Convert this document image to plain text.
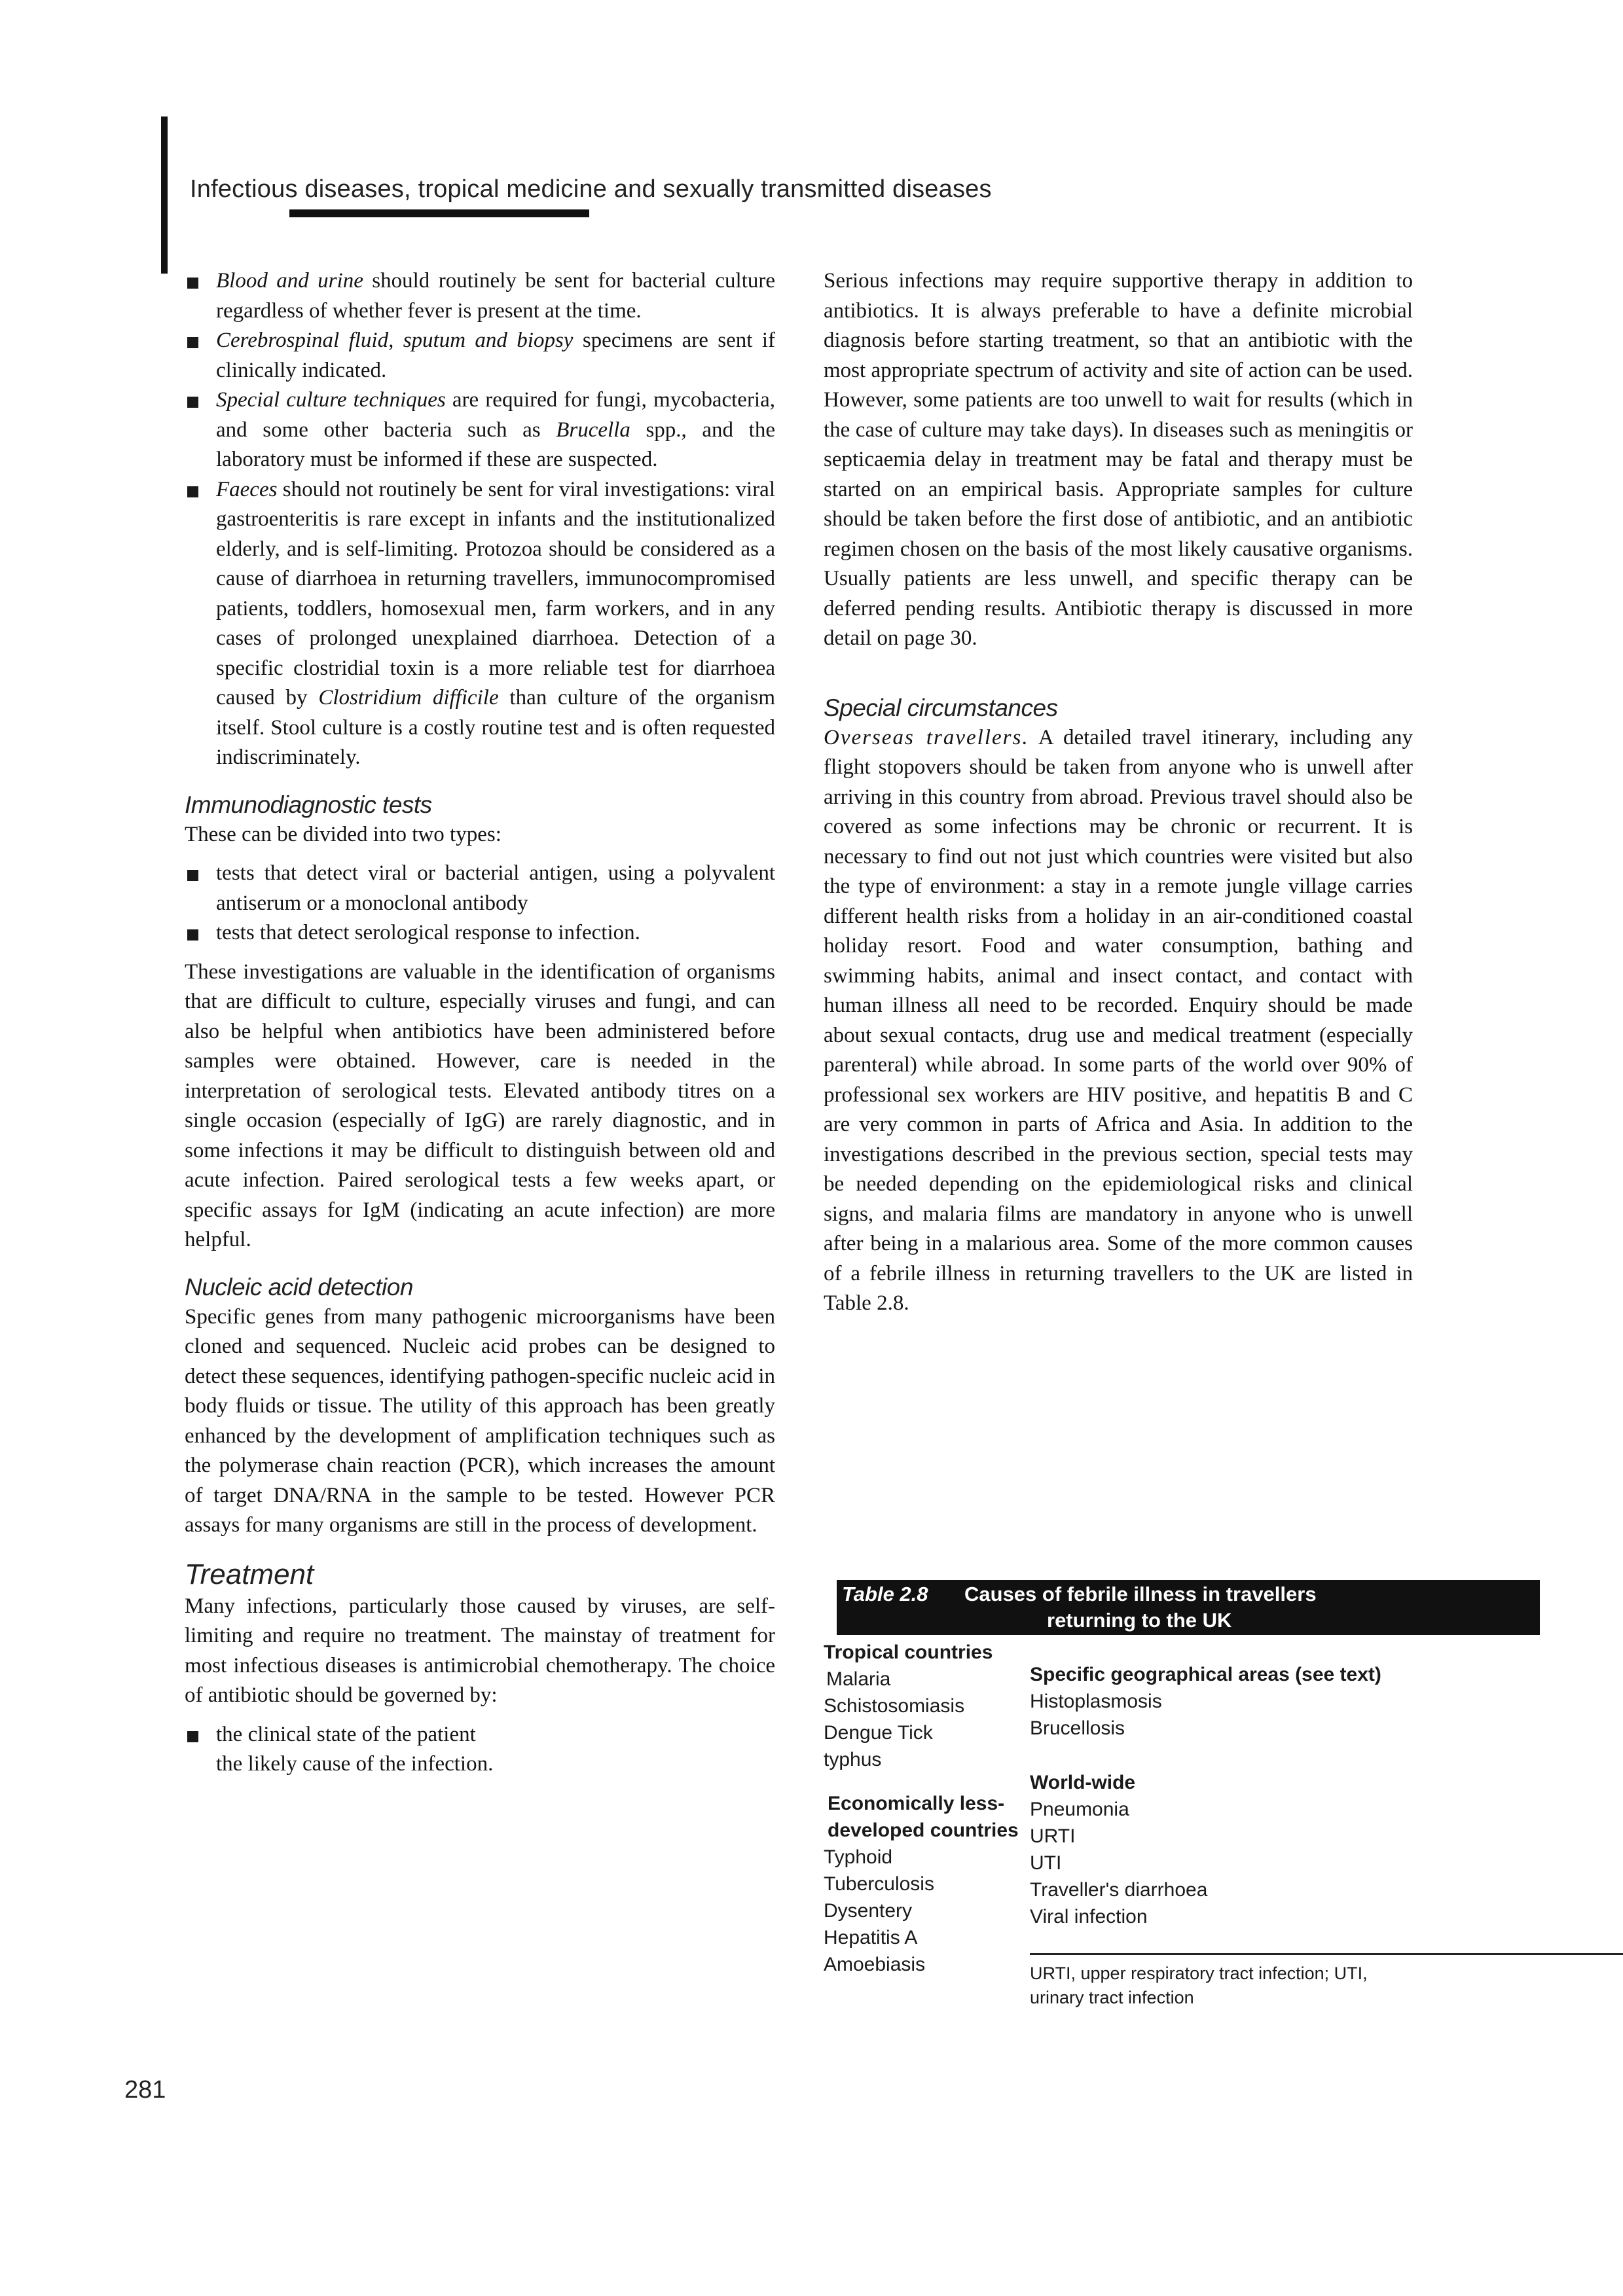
Infectious diseases, tropical medicine and sexually transmitted diseases
Blood and urine should routinely be sent for bacterial culture regardless of whether fever is present at the time.
Cerebrospinal fluid, sputum and biopsy specimens are sent if clinically indicated.
Special culture techniques are required for fungi, mycobacteria, and some other bacteria such as Brucella spp., and the laboratory must be informed if these are suspected.
Faeces should not routinely be sent for viral investigations: viral gastroenteritis is rare except in infants and the institutionalized elderly, and is self-limiting. Protozoa should be considered as a cause of diarrhoea in returning travellers, immunocompromised patients, toddlers, homosexual men, farm workers, and in any cases of prolonged unexplained diarrhoea. Detection of a specific clostridial toxin is a more reliable test for diarrhoea caused by Clostridium difficile than culture of the organism itself. Stool culture is a costly routine test and is often requested indiscriminately.
Immunodiagnostic tests

These can be divided into two types:

tests that detect viral or bacterial antigen, using a polyvalent antiserum or a monoclonal antibody
tests that detect serological response to infection.

These investigations are valuable in the identification of organisms that are difficult to culture, especially viruses and fungi, and can also be helpful when antibiotics have been administered before samples were obtained. However, care is needed in the interpretation of serological tests. Elevated antibody titres on a single occasion (especially of IgG) are rarely diagnostic, and in some infections it may be difficult to distinguish between old and acute infection. Paired serological tests a few weeks apart, or specific assays for IgM (indicating an acute infection) are more helpful.

Nucleic acid detection

Specific genes from many pathogenic microorganisms have been cloned and sequenced. Nucleic acid probes can be designed to detect these sequences, identifying pathogen-specific nucleic acid in body fluids or tissue. The utility of this approach has been greatly enhanced by the development of amplification techniques such as the polymerase chain reaction (PCR), which increases the amount of target DNA/RNA in the sample to be tested. However PCR assays for many organisms are still in the process of development.

Treatment

Many infections, particularly those caused by viruses, are self-limiting and require no treatment. The mainstay of treatment for most infectious diseases is antimicrobial chemotherapy. The choice of antibiotic should be governed by:

the clinical state of the patient
the likely cause of the infection.

Serious infections may require supportive therapy in addition to antibiotics. It is always preferable to have a definite microbial diagnosis before starting treatment, so that an antibiotic with the most appropriate spectrum of activity and site of action can be used. However, some patients are too unwell to wait for results (which in the case of culture may take days). In diseases such as meningitis or septicaemia delay in treatment may be fatal and therapy must be started on an empirical basis. Appropriate samples for culture should be taken before the first dose of antibiotic, and an antibiotic regimen chosen on the basis of the most likely causative organisms. Usually patients are less unwell, and specific therapy can be deferred pending results. Antibiotic therapy is discussed in more detail on page 30.

Special circumstances

Overseas travellers. A detailed travel itinerary, including any flight stopovers should be taken from anyone who is unwell after arriving in this country from abroad. Previous travel should also be covered as some infections may be chronic or recurrent. It is necessary to find out not just which countries were visited but also the type of environment: a stay in a remote jungle village carries different health risks from a holiday in an air-conditioned coastal holiday resort. Food and water consumption, bathing and swimming habits, animal and insect contact, and contact with human illness all need to be recorded. Enquiry should be made about sexual contacts, drug use and medical treatment (especially parenteral) while abroad. In some parts of the world over 90% of professional sex workers are HIV positive, and hepatitis B and C are very common in parts of Africa and Asia. In addition to the investigations described in the previous section, special tests may be needed depending on the epidemiological risks and clinical signs, and malaria films are mandatory in anyone who is unwell after being in a malarious area. Some of the more common causes of a febrile illness in returning travellers to the UK are listed in Table 2.8.

Table 2.8 Causes of febrile illness in travellers
returning to the UK
Tropical countries
Malaria
Schistosomiasis
Dengue Tick
typhus
Economically less-
developed countries
Typhoid
Tuberculosis
Dysentery
Hepatitis A
Amoebiasis
Specific geographical areas (see text)
Histoplasmosis
Brucellosis
World-wide
Pneumonia
URTI
UTI
Traveller's diarrhoea
Viral infection
URTI, upper respiratory tract infection; UTI,
urinary tract infection
281
